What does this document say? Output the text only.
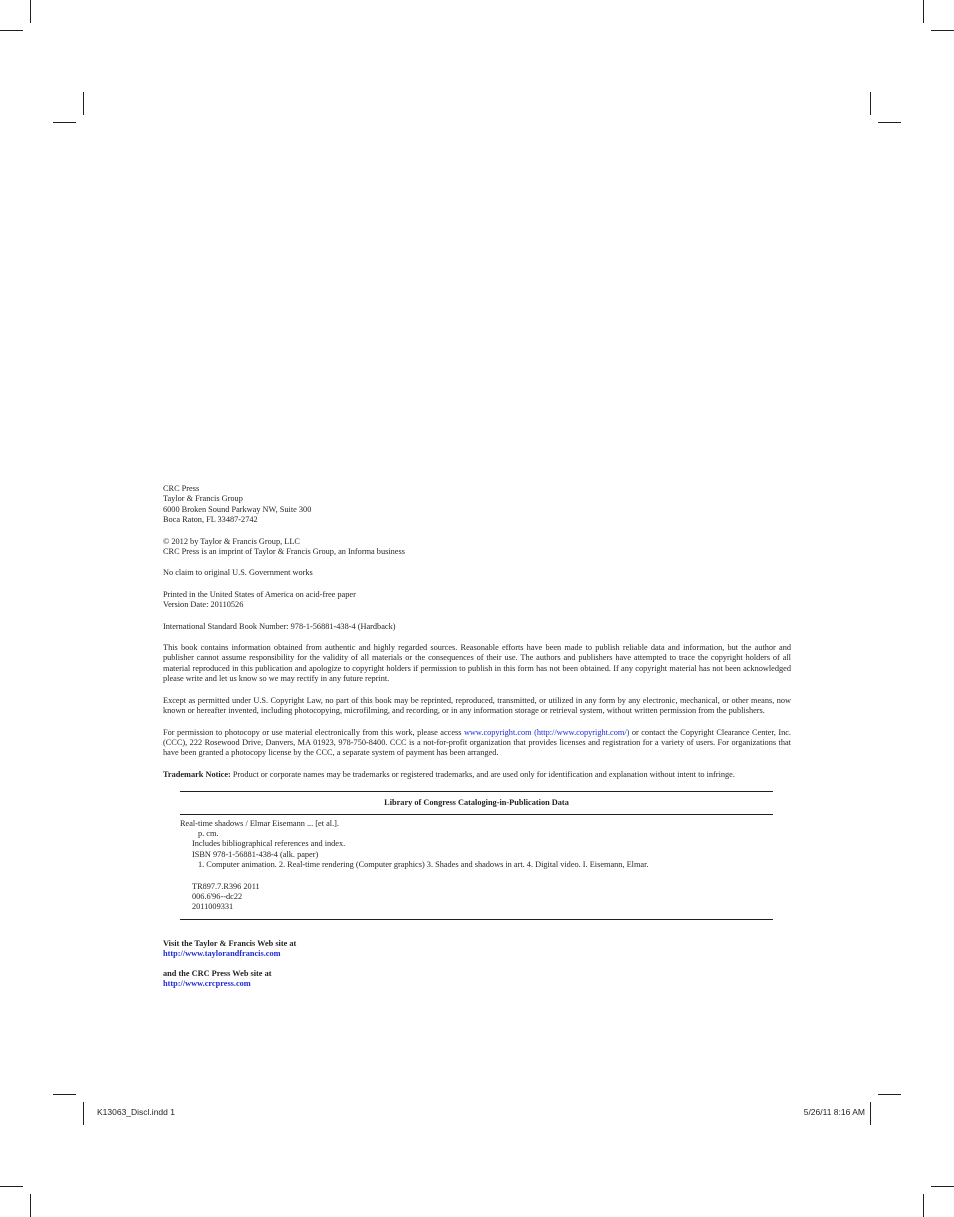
CRC Press

Taylor & Francis Group

6000 Broken Sound Parkway NW, Suite 300

Boca Raton, FL 33487-2742

© 2012 by Taylor & Francis Group, LLC

CRC Press is an imprint of Taylor & Francis Group, an Informa business

No claim to original U.S. Government works

Printed in the United States of America on acid-free paper

Version Date: 20110526

International Standard Book Number: 978-1-56881-438-4 (Hardback)

This book contains information obtained from authentic and highly regarded sources. Reasonable efforts have been made to publish reliable data and information, but the author and publisher cannot assume responsibility for the validity of all materials or the consequences of their use. The authors and publishers have attempted to trace the copyright holders of all material reproduced in this publication and apologize to copyright holders if permission to publish in this form has not been obtained. If any copyright material has not been acknowledged please write and let us know so we may rectify in any future reprint.

Except as permitted under U.S. Copyright Law, no part of this book may be reprinted, reproduced, transmitted, or utilized in any form by any electronic, mechanical, or other means, now known or hereafter invented, including photocopying, microfilming, and recording, or in any information storage or retrieval system, without written permission from the publishers.

For permission to photocopy or use material electronically from this work, please access www.copyright.com (http://www.copyright.com/) or contact the Copyright Clearance Center, Inc. (CCC), 222 Rosewood Drive, Danvers, MA 01923, 978-750-8400. CCC is a not-for-profit organization that provides licenses and registration for a variety of users. For organizations that have been granted a photocopy license by the CCC, a separate system of payment has been arranged.

Trademark Notice: Product or corporate names may be trademarks or registered trademarks, and are used only for identification and explanation without intent to infringe.

Library of Congress Cataloging-in-Publication Data

Real-time shadows / Elmar Eisemann ... [et al.].

p. cm.

Includes bibliographical references and index.

ISBN 978-1-56881-438-4 (alk. paper)

1. Computer animation. 2. Real-time rendering (Computer graphics) 3. Shades and shadows in art. 4. Digital video. I. Eisemann, Elmar.

TR897.7.R396 2011

006.6'96--dc22

2011009331

Visit the Taylor & Francis Web site at

http://www.taylorandfrancis.com

and the CRC Press Web site at

http://www.crcpress.com

K13063_Discl.indd 1	5/26/11 8:16 AM
